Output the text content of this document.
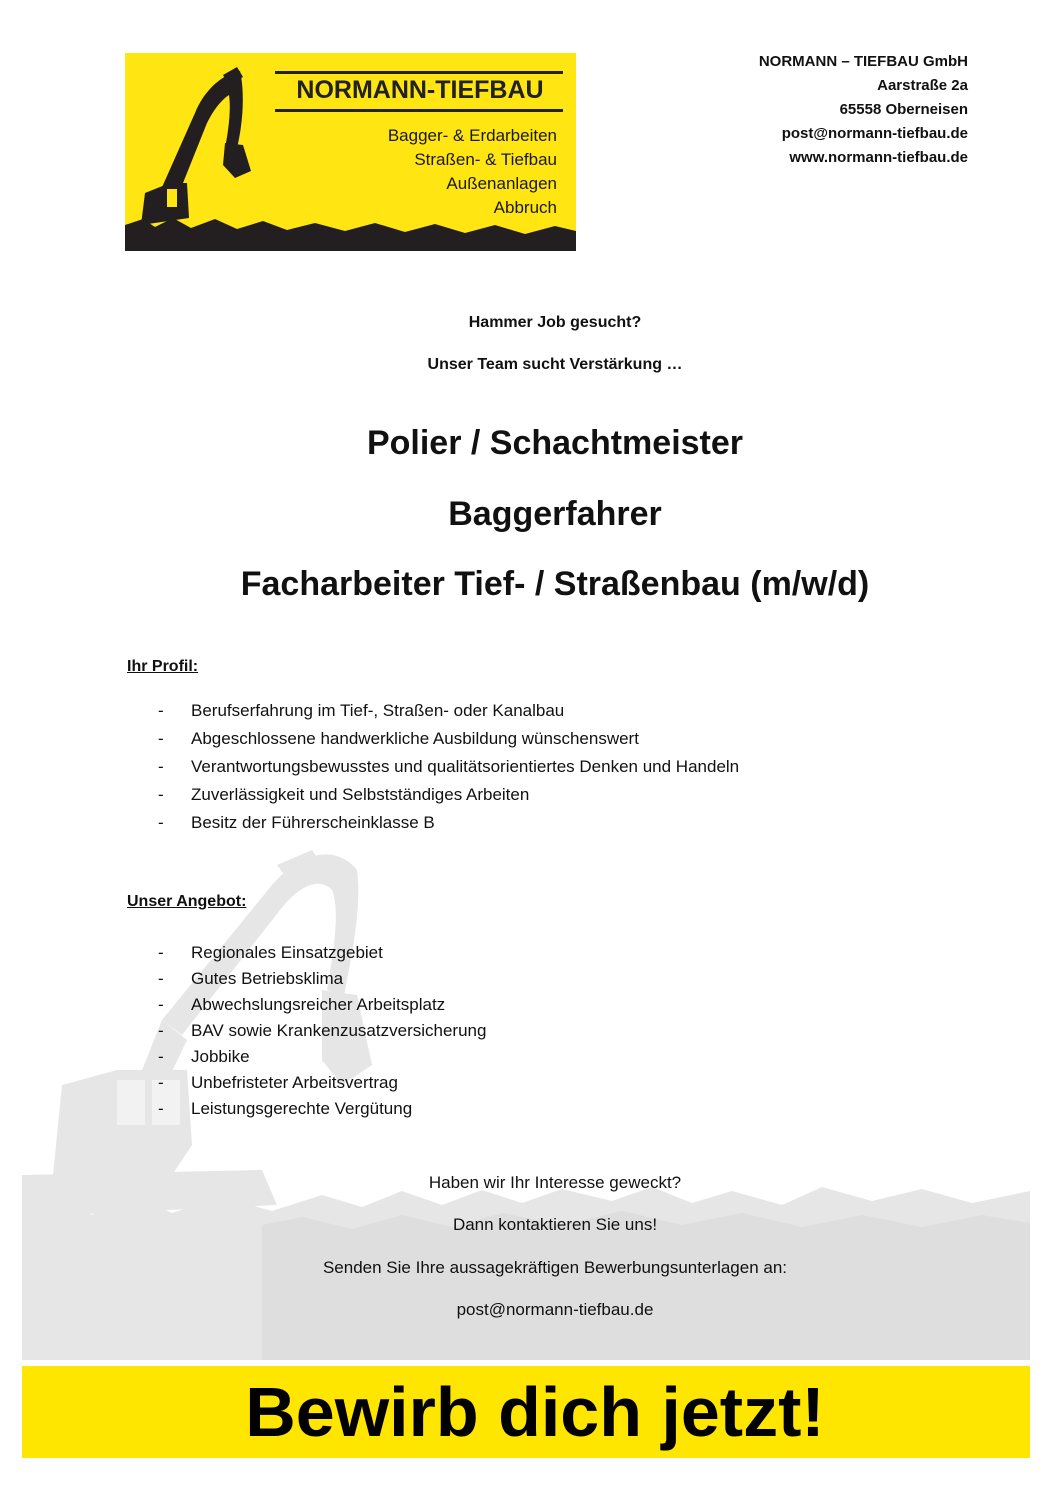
NORMANN-TIEFBAU
Bagger- & Erdarbeiten
Straßen- & Tiefbau
Außenanlagen
Abbruch
NORMANN – TIEFBAU GmbH
Aarstraße 2a
65558 Oberneisen
post@normann-tiefbau.de
www.normann-tiefbau.de
Hammer Job gesucht?
Unser Team sucht Verstärkung …
Polier / Schachtmeister
Baggerfahrer
Facharbeiter Tief- / Straßenbau (m/w/d)
Ihr Profil:
- Berufserfahrung im Tief-, Straßen- oder Kanalbau
- Abgeschlossene handwerkliche Ausbildung wünschenswert
- Verantwortungsbewusstes und qualitätsorientiertes Denken und Handeln
- Zuverlässigkeit und Selbstständiges Arbeiten
- Besitz der Führerscheinklasse B
Unser Angebot:
- Regionales Einsatzgebiet
- Gutes Betriebsklima
- Abwechslungsreicher Arbeitsplatz
- BAV sowie Krankenzusatzversicherung
- Jobbike
- Unbefristeter Arbeitsvertrag
- Leistungsgerechte Vergütung
Haben wir Ihr Interesse geweckt?
Dann kontaktieren Sie uns!
Senden Sie Ihre aussagekräftigen Bewerbungsunterlagen an:
post@normann-tiefbau.de
Bewirb dich jetzt!
